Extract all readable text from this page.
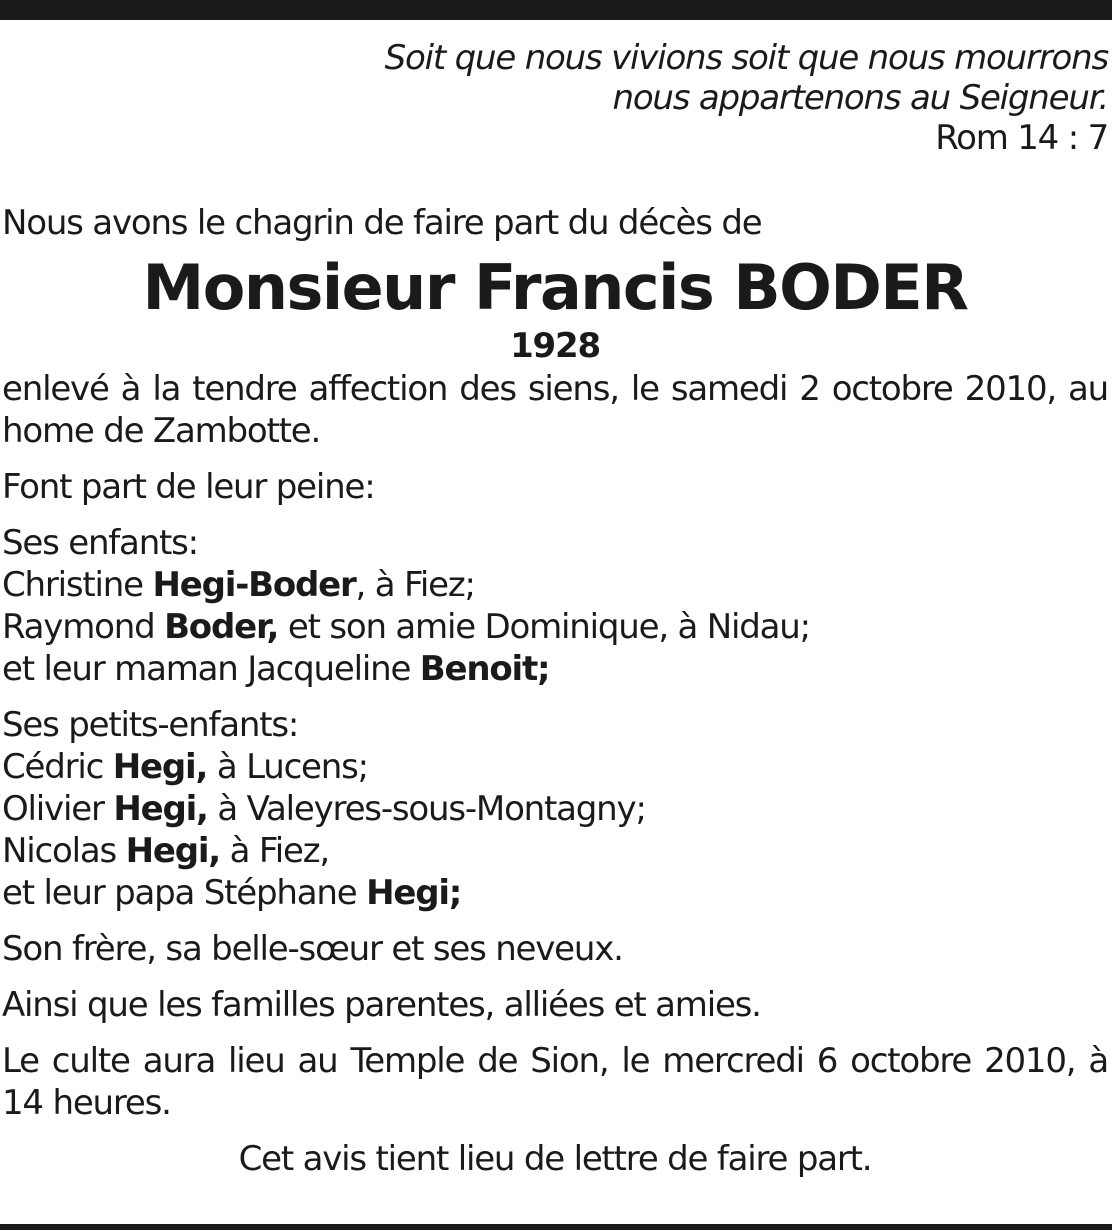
Soit que nous vivions soit que nous mourrons
nous appartenons au Seigneur.
Rom 14 : 7
Nous avons le chagrin de faire part du décès de
Monsieur Francis BODER
1928
enlevé à la tendre affection des siens, le samedi 2 octobre 2010, au home de Zambotte.
Font part de leur peine:
Ses enfants:
Christine Hegi-Boder, à Fiez;
Raymond Boder, et son amie Dominique, à Nidau;
et leur maman Jacqueline Benoit;
Ses petits-enfants:
Cédric Hegi, à Lucens;
Olivier Hegi, à Valeyres-sous-Montagny;
Nicolas Hegi, à Fiez,
et leur papa Stéphane Hegi;
Son frère, sa belle-sœur et ses neveux.
Ainsi que les familles parentes, alliées et amies.
Le culte aura lieu au Temple de Sion, le mercredi 6 octobre 2010, à 14 heures.
Cet avis tient lieu de lettre de faire part.
